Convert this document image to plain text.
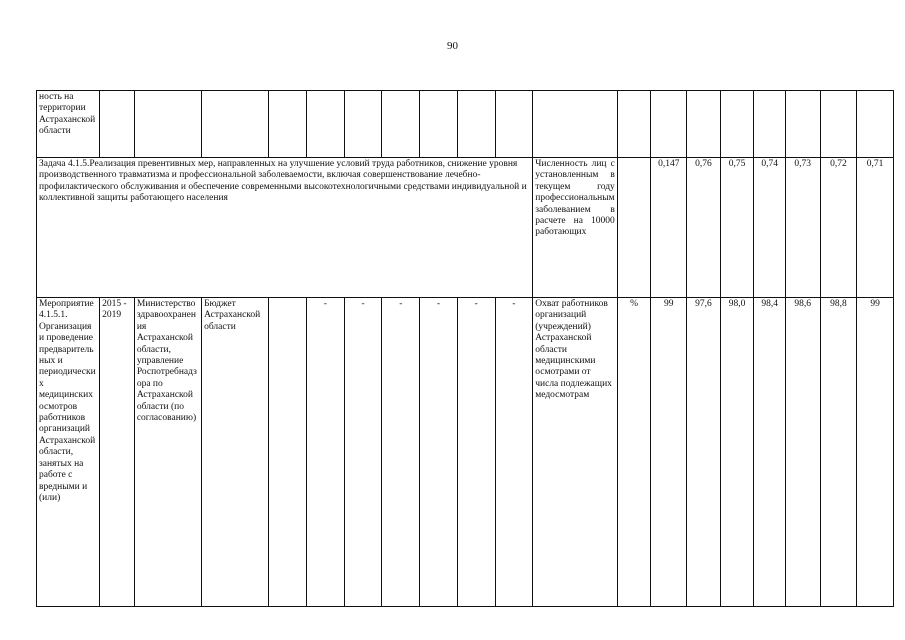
90
ность на территории Астраханской области																			
Задача 4.1.5.Реализация превентивных мер, направленных на улучшение условий труда работников, снижение уровня производственного травматизма и профессиональной заболеваемости, включая совершенствование лечебно-профилактического обслуживания и обеспечение современными высокотехнологичными средствами индивидуальной и коллективной защиты работающего населения											Численность лиц с установленным в текущем году профессиональным заболеванием в расчете на 10000 работающих		0,147	0,76	0,75	0,74	0,73	0,72	0,71
Мероприятие 4.1.5.1. Организация и проведение предварительных и периодических медицинских осмотров работников организаций Астраханской области, занятых на работе с вредными и (или)	2015 - 2019	Министерство здравоохранения Астраханской области, управление Роспотребнадзора по Астраханской области (по согласованию)	Бюджет Астраханской области		-	-	-	-	-	-	Охват работников организаций (учреждений) Астраханской области медицинскими осмотрами от числа подлежащих медосмотрам	%	99	97,6	98,0	98,4	98,6	98,8	99
